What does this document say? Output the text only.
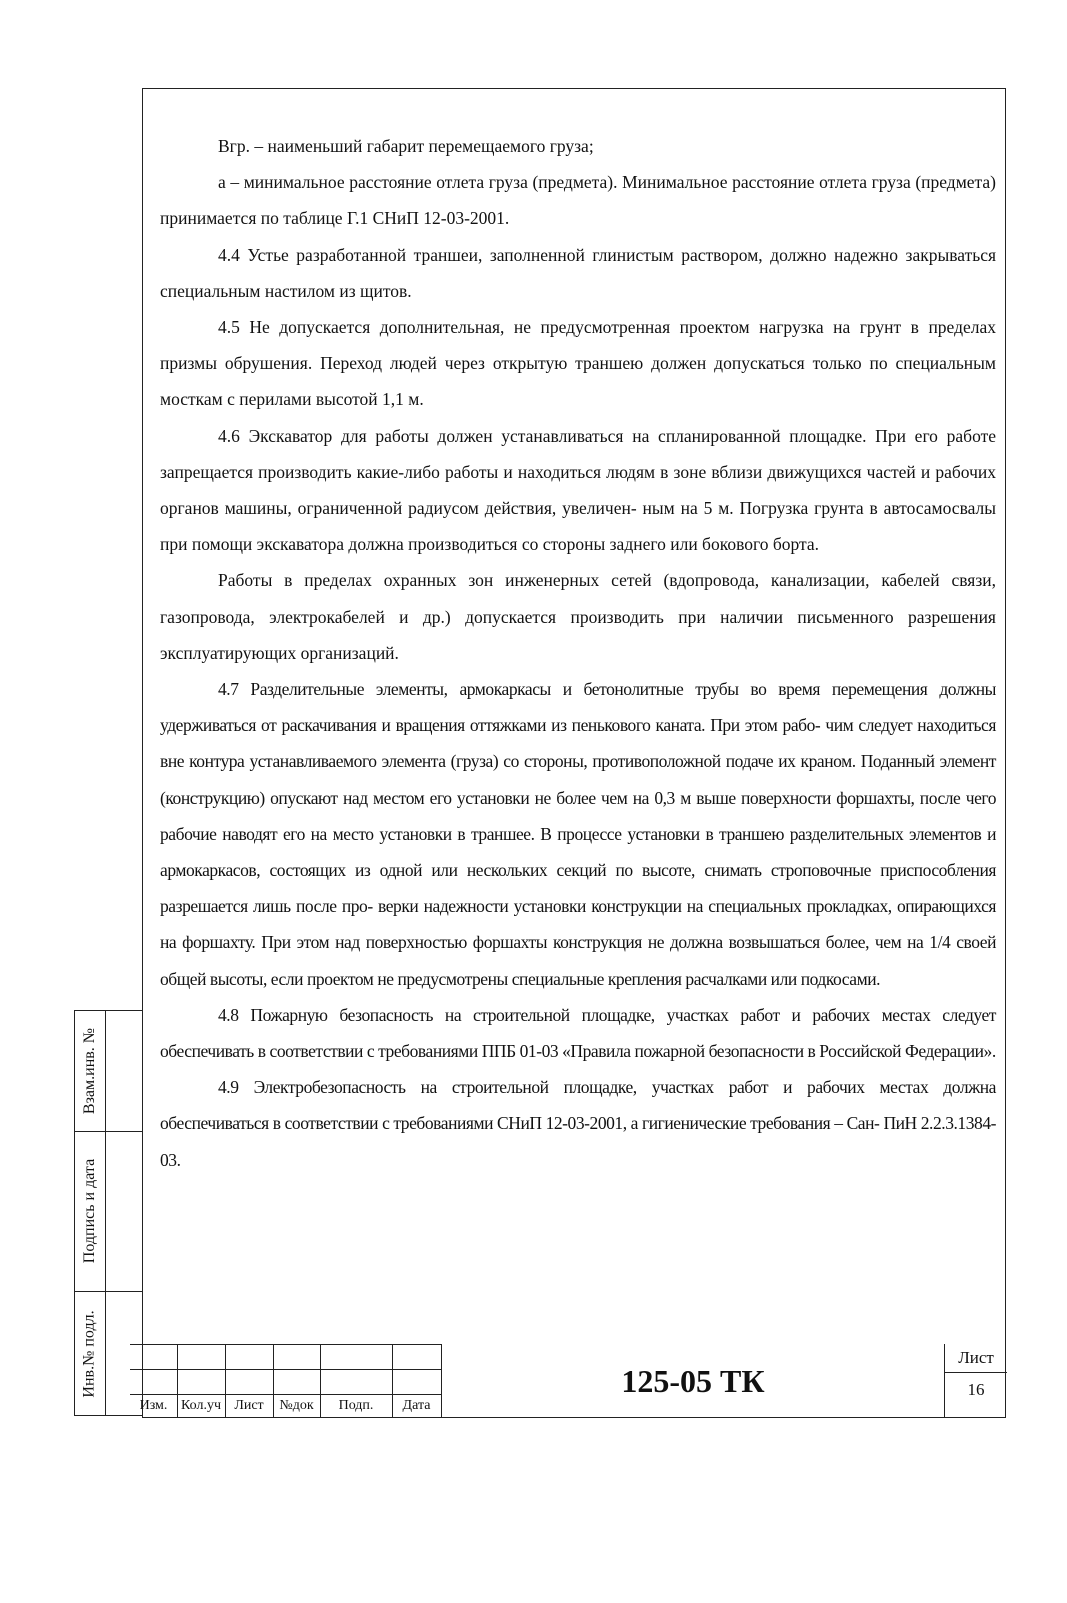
Вгр. – наименьший габарит перемещаемого груза;

а – минимальное расстояние отлета груза (предмета). Минимальное расстояние отлета груза (предмета) принимается по таблице Г.1 СНиП 12-03-2001.

4.4 Устье разработанной траншеи, заполненной глинистым раствором, должно надежно закрываться специальным настилом из щитов.

4.5 Не допускается дополнительная, не предусмотренная проектом нагрузка на грунт в пределах призмы обрушения. Переход людей через открытую траншею должен допускаться только по специальным мосткам с перилами высотой 1,1 м.

4.6 Экскаватор для работы должен устанавливаться на спланированной площадке. При его работе запрещается производить какие-либо работы и находиться людям в зоне вблизи движущихся частей и рабочих органов машины, ограниченной радиусом действия, увеличен- ным на 5 м. Погрузка грунта в автосамосвалы при помощи экскаватора должна производиться со стороны заднего или бокового борта.

Работы в пределах охранных зон инженерных сетей (вдопровода, канализации, кабелей связи, газопровода, электрокабелей и др.) допускается производить при наличии письменного разрешения эксплуатирующих организаций.

4.7 Разделительные элементы, армокаркасы и бетонолитные трубы во время перемещения должны удерживаться от раскачивания и вращения оттяжками из пенькового каната. При этом рабо- чим следует находиться вне контура устанавливаемого элемента (груза) со стороны, противоположной подаче их краном. Поданный элемент (конструкцию) опускают над местом его установки не более чем на 0,3 м выше поверхности форшахты, после чего рабочие наводят его на место установки в траншее. В процессе установки в траншею разделительных элементов и армокаркасов, состоящих из одной или нескольких секций по высоте, снимать строповочные приспособления разрешается лишь после про- верки надежности установки конструкции на специальных прокладках, опирающихся на форшахту. При этом над поверхностью форшахты конструкция не должна возвышаться более, чем на 1/4 своей общей высоты, если проектом не предусмотрены специальные крепления расчалками или подкосами.

4.8 Пожарную безопасность на строительной площадке, участках работ и рабочих местах следует обеспечивать в соответствии с требованиями ППБ 01-03 «Правила пожарной безопасности в Российской Федерации».

4.9 Электробезопасность на строительной площадке, участках работ и рабочих местах должна обеспечиваться в соответствии с требованиями СНиП 12-03-2001, а гигиенические требования – Сан- ПиН 2.2.3.1384-03.

Взам.инв. №
Подпись и дата
Инв.№ подл.
Изм. Кол.уч Лист	№док	Подп.	Дата
125-05 ТК
Лист
16
